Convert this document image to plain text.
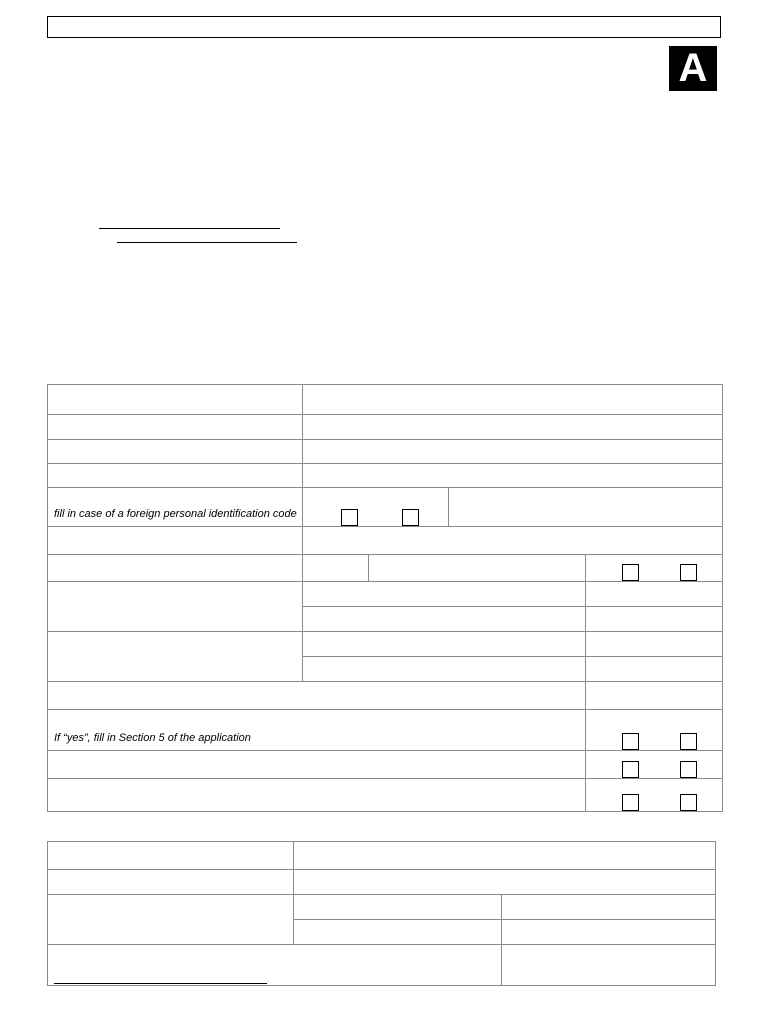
A

fill in case of a foreign personal identification code				

If “yes”, fill in Section 5 of the application				
